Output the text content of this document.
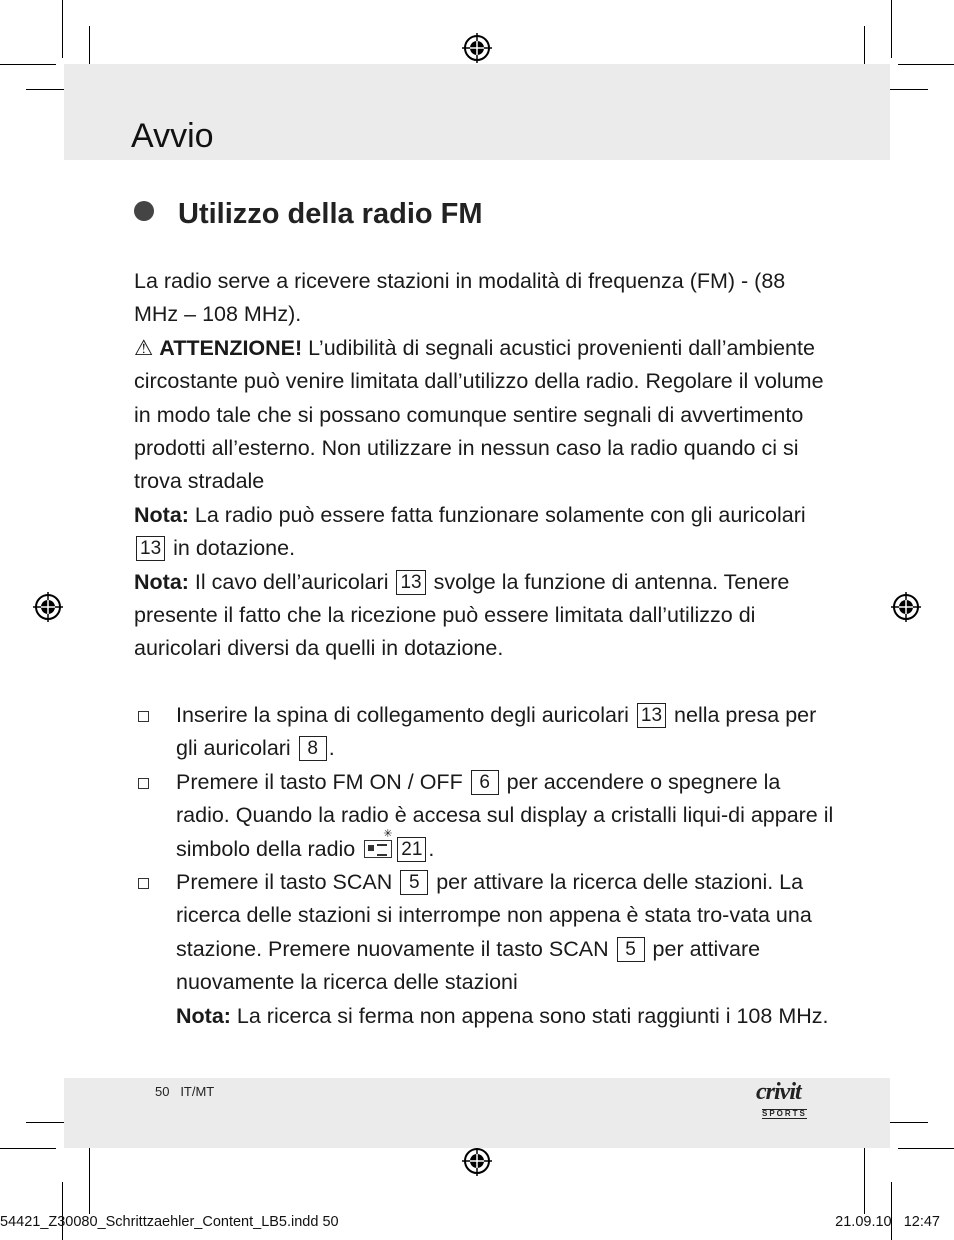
Avvio
Utilizzo della radio FM

La radio serve a ricevere stazioni in modalità di frequenza (FM) - (88 MHz – 108 MHz).

⚠ ATTENZIONE! L’udibilità di segnali acustici provenienti dall’ambiente circostante può venire limitata dall’utilizzo della radio. Regolare il volume in modo tale che si possano comunque sentire segnali di avvertimento prodotti all’esterno. Non utilizzare in nessun caso la radio quando ci si trova stradale

Nota: La radio può essere fatta funzionare solamente con gli auricolari 13 in dotazione.

Nota: Il cavo dell’auricolari 13 svolge la funzione di antenna. Tenere presente il fatto che la ricezione può essere limitata dall’utilizzo di auricolari diversi da quelli in dotazione.

Inserire la spina di collegamento degli auricolari 13 nella presa per gli auricolari 8 .

Premere il tasto FM ON / OFF 6 per accendere o spegnere la radio. Quando la radio è accesa sul display a cristalli liqui-di appare il simbolo della radio
✳
21 .

Premere il tasto SCAN 5 per attivare la ricerca delle stazioni. La ricerca delle stazioni si interrompe non appena è stata tro-vata una stazione. Premere nuovamente il tasto SCAN 5 per attivare nuovamente la ricerca delle stazioni
Nota: La ricerca si ferma non appena sono stati raggiunti i 108 MHz.

50 IT/MT	crivit
SPORTS
54421_Z30080_Schrittzaehler_Content_LB5.indd 50	21.09.10 12:47
